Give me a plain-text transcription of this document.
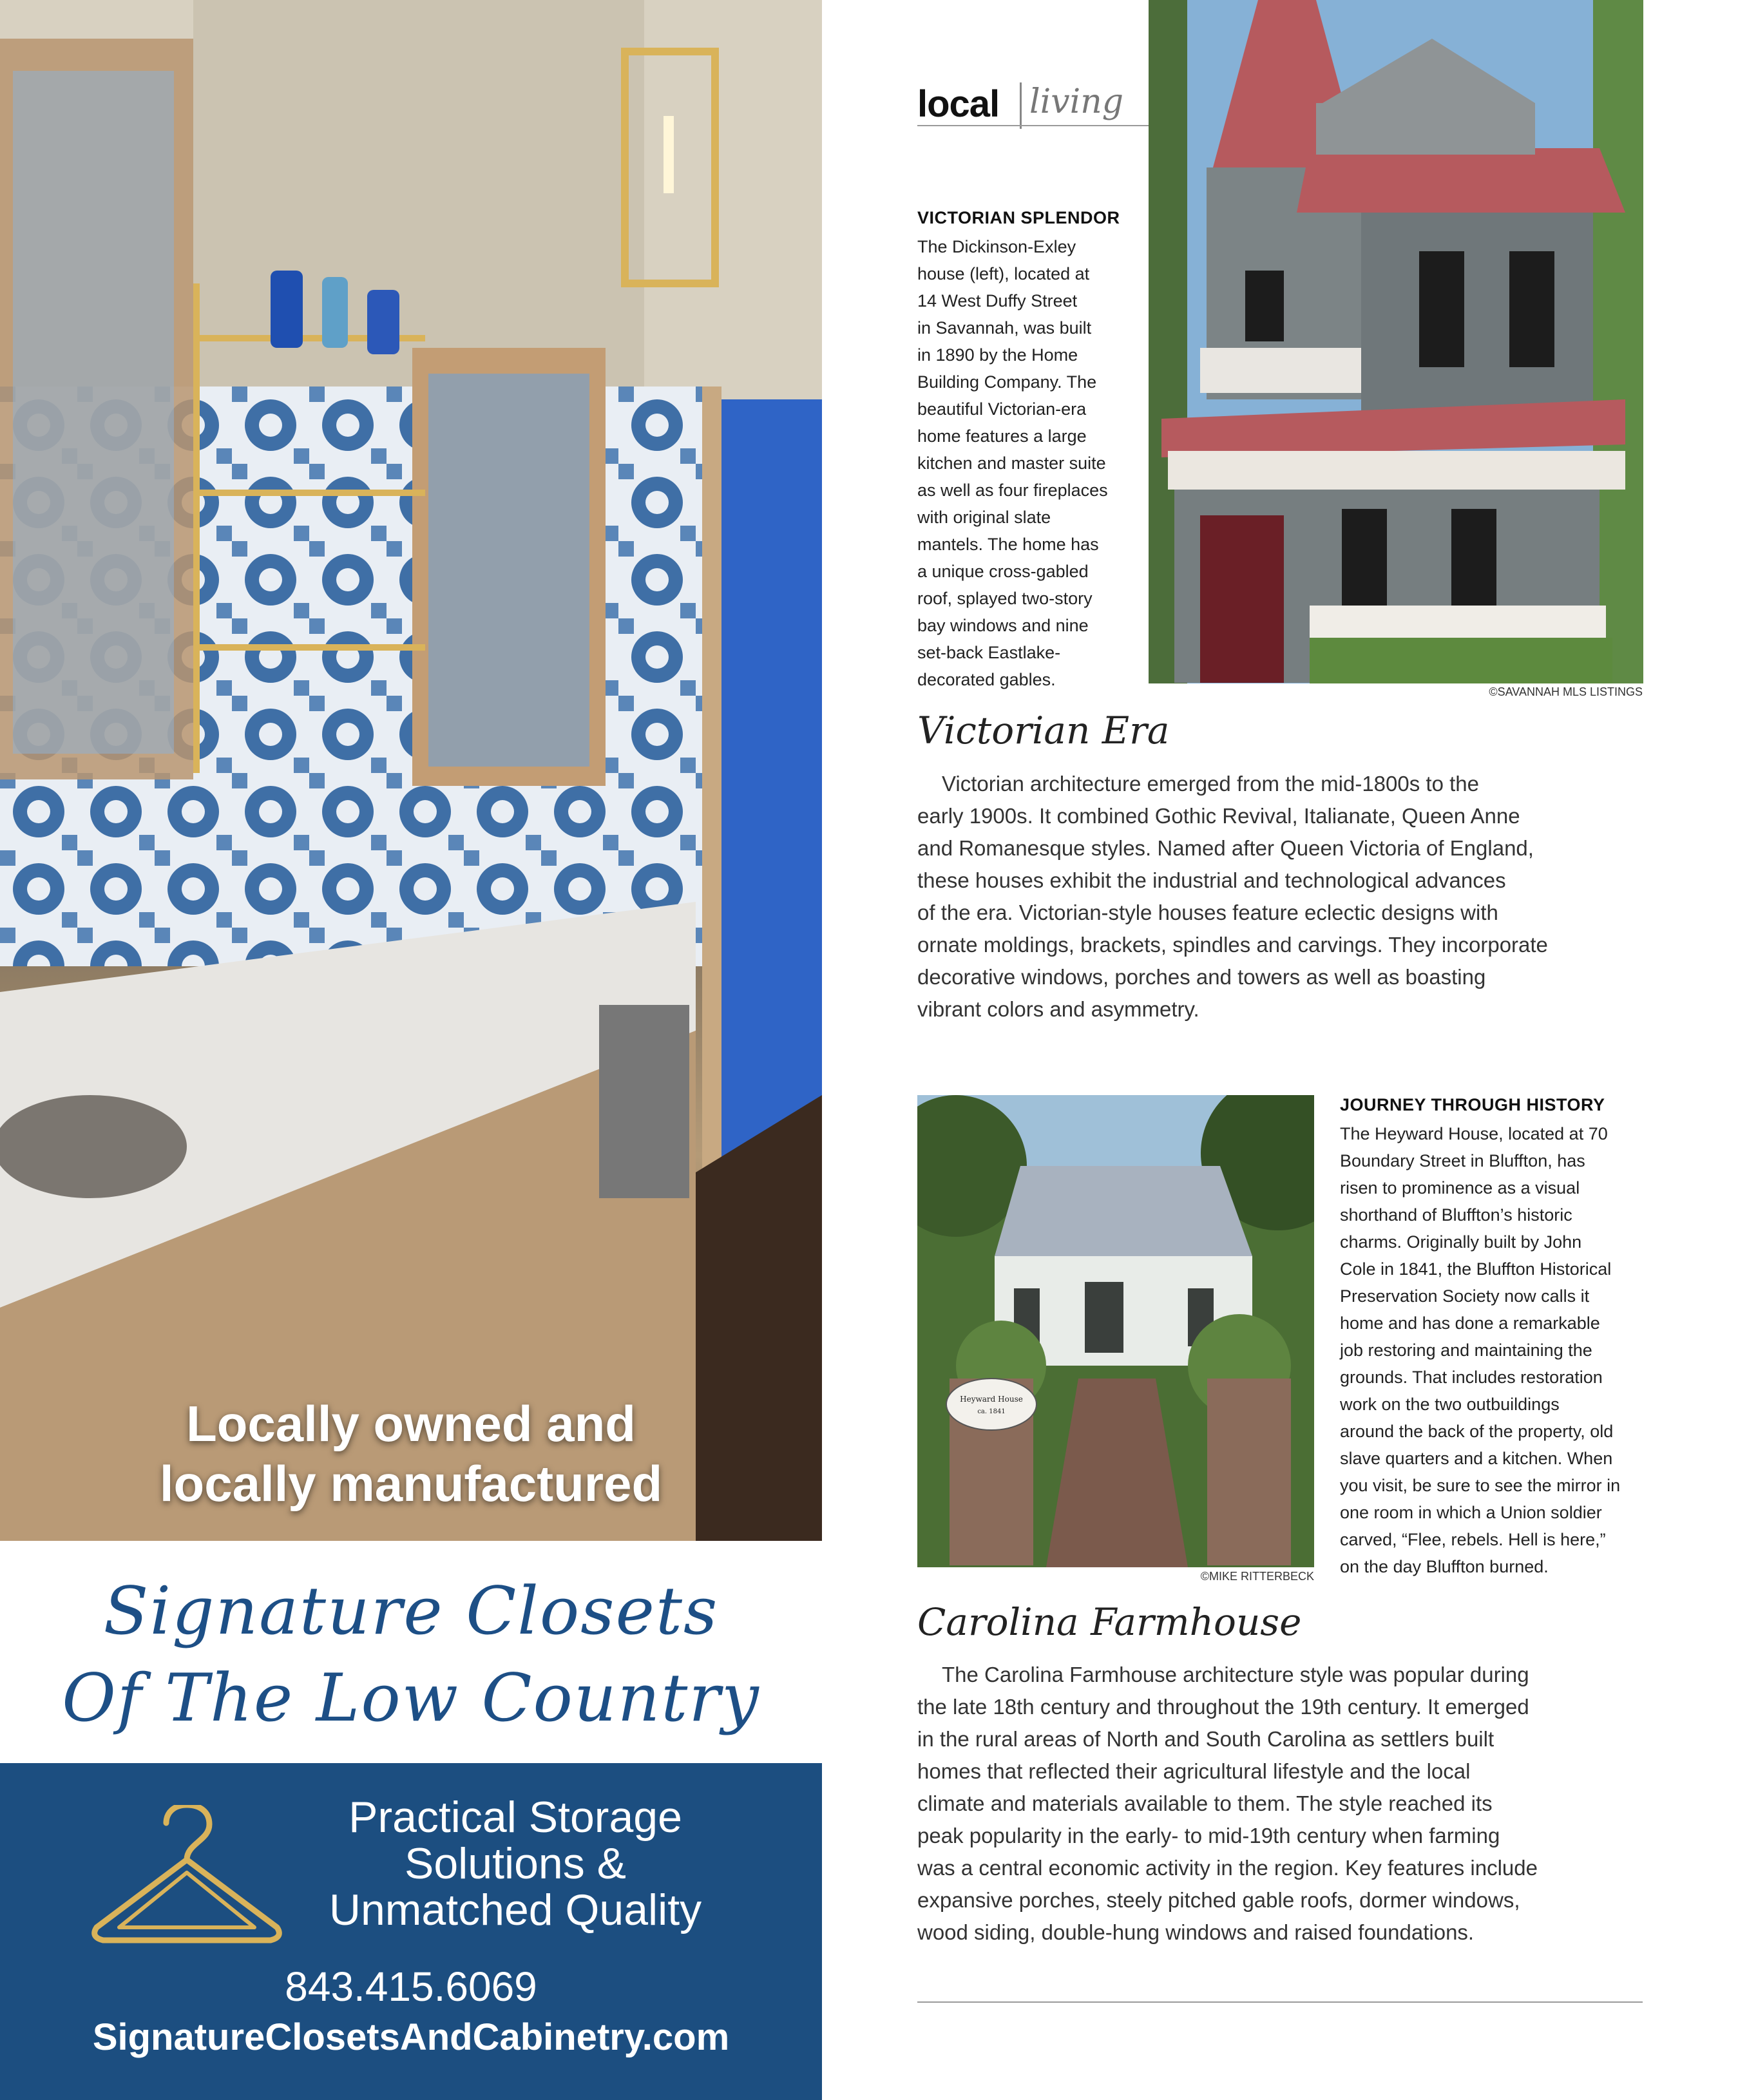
Locally owned and
locally manufactured
Signature Closets
Of The Low Country
Practical Storage
Solutions &
Unmatched Quality
843.415.6069
SignatureClosetsAndCabinetry.com
local living
VICTORIAN SPLENDOR
The Dickinson-Exley
house (left), located at
14 West Duffy Street
in Savannah, was built
in 1890 by the Home
Building Company. The
beautiful Victorian-era
home features a large
kitchen and master suite
as well as four fireplaces
with original slate
mantels. The home has
a unique cross-gabled
roof, splayed two-story
bay windows and nine
set-back Eastlake-
decorated gables.
©SAVANNAH MLS LISTINGS
Victorian Era
Victorian architecture emerged from the mid-1800s to the
early 1900s. It combined Gothic Revival, Italianate, Queen Anne
and Romanesque styles. Named after Queen Victoria of England,
these houses exhibit the industrial and technological advances
of the era. Victorian-style houses feature eclectic designs with
ornate moldings, brackets, spindles and carvings. They incorporate
decorative windows, porches and towers as well as boasting
vibrant colors and asymmetry.
Heyward House
ca. 1841
©MIKE RITTERBECK
JOURNEY THROUGH HISTORY
The Heyward House, located at 70
Boundary Street in Bluffton, has
risen to prominence as a visual
shorthand of Bluffton’s historic
charms. Originally built by John
Cole in 1841, the Bluffton Historical
Preservation Society now calls it
home and has done a remarkable
job restoring and maintaining the
grounds. That includes restoration
work on the two outbuildings
around the back of the property, old
slave quarters and a kitchen. When
you visit, be sure to see the mirror in
one room in which a Union soldier
carved, “Flee, rebels. Hell is here,”
on the day Bluffton burned.
Carolina Farmhouse
The Carolina Farmhouse architecture style was popular during
the late 18th century and throughout the 19th century. It emerged
in the rural areas of North and South Carolina as settlers built
homes that reflected their agricultural lifestyle and the local
climate and materials available to them. The style reached its
peak popularity in the early- to mid-19th century when farming
was a central economic activity in the region. Key features include
expansive porches, steely pitched gable roofs, dormer windows,
wood siding, double-hung windows and raised foundations.
